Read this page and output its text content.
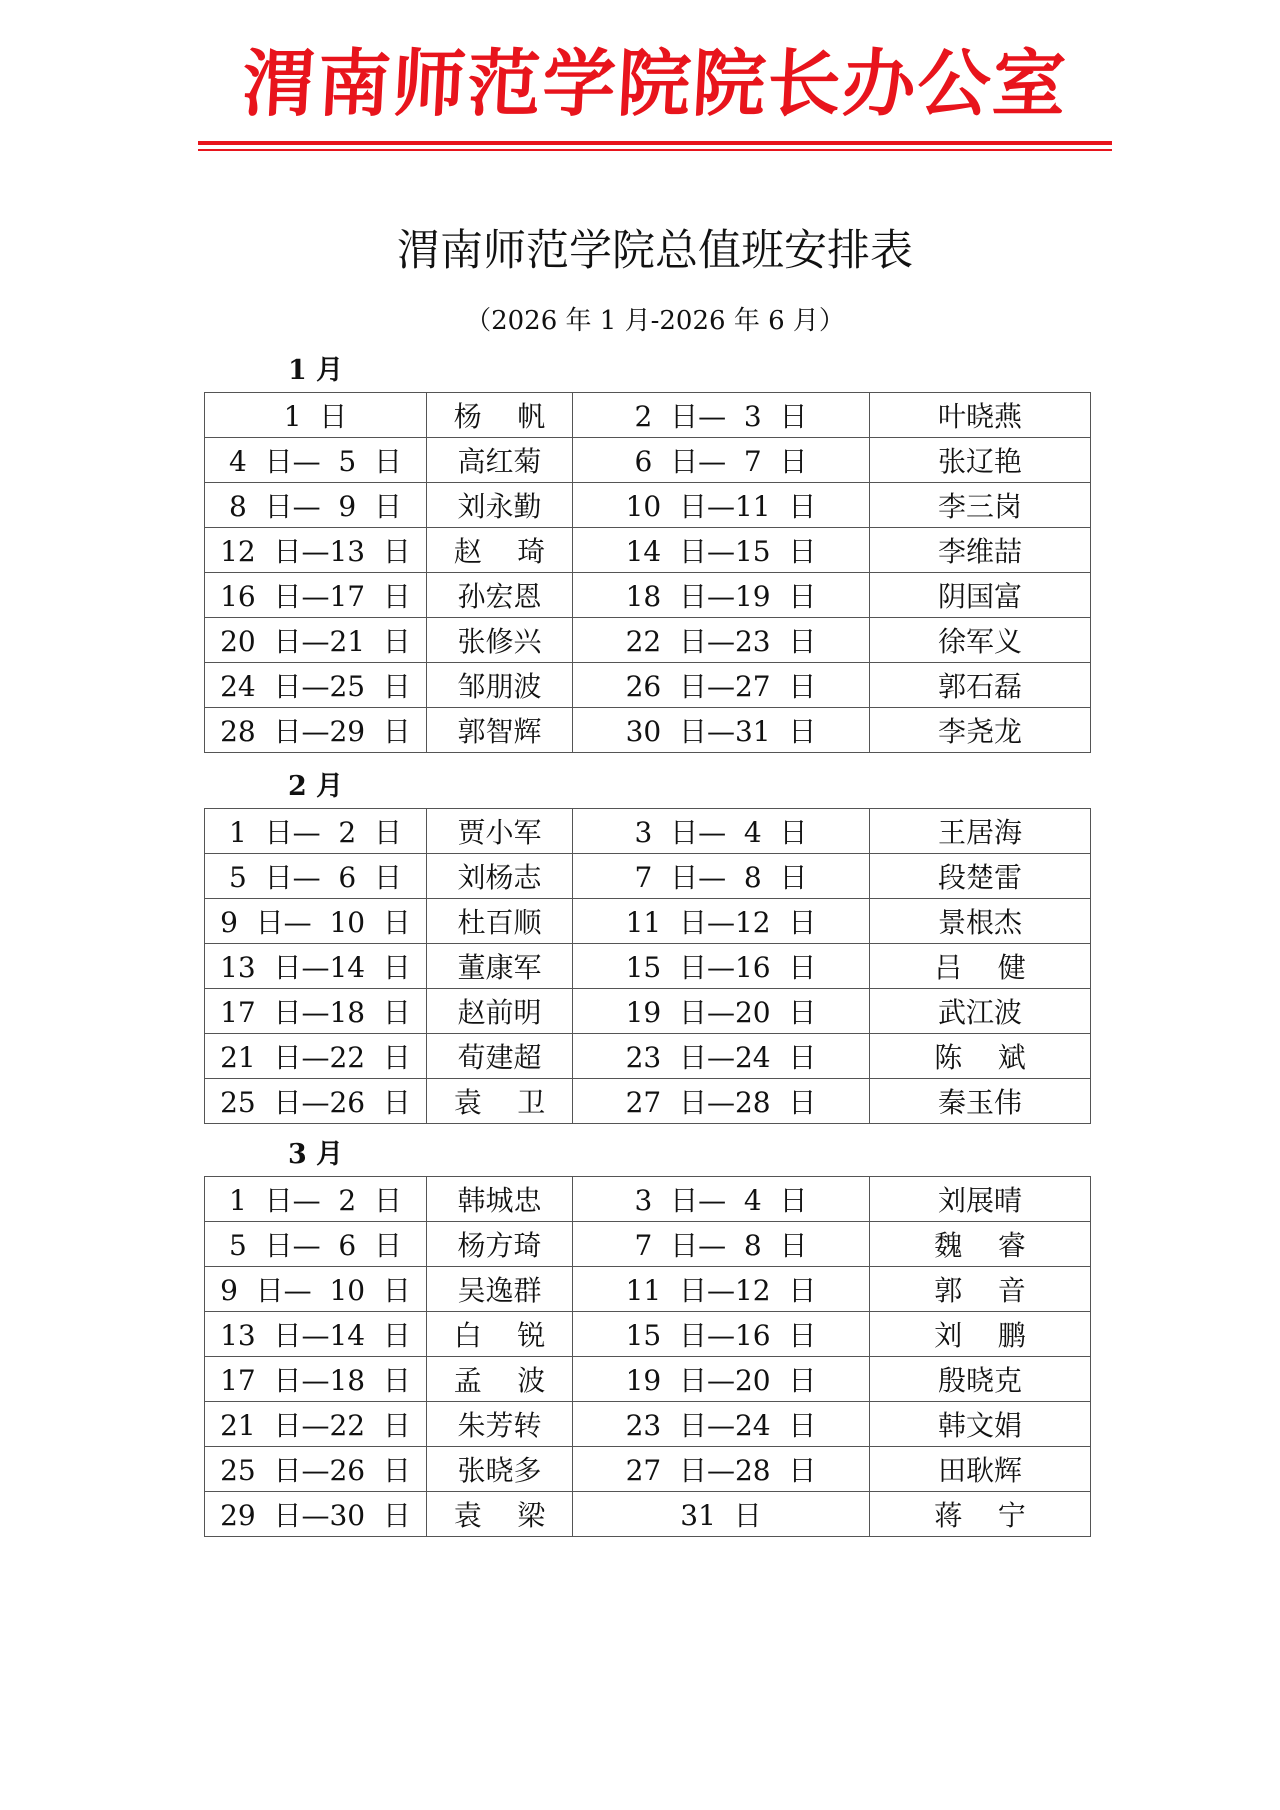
渭南师范学院院长办公室
渭南师范学院总值班安排表
（2026 年 1 月-2026 年 6 月）
1 月
1  日	杨    帆	2  日—  3  日	叶晓燕
4  日—  5  日	高红菊	6  日—  7  日	张辽艳
8  日—  9  日	刘永勤	10  日—11  日	李三岗
12  日—13  日	赵    琦	14  日—15  日	李维喆
16  日—17  日	孙宏恩	18  日—19  日	阴国富
20  日—21  日	张修兴	22  日—23  日	徐军义
24  日—25  日	邹朋波	26  日—27  日	郭石磊
28  日—29  日	郭智辉	30  日—31  日	李尧龙
2 月
1  日—  2  日	贾小军	3  日—  4  日	王居海
5  日—  6  日	刘杨志	7  日—  8  日	段楚雷
9  日—  10  日	杜百顺	11  日—12  日	景根杰
13  日—14  日	董康军	15  日—16  日	吕    健
17  日—18  日	赵前明	19  日—20  日	武江波
21  日—22  日	荀建超	23  日—24  日	陈    斌
25  日—26  日	袁    卫	27  日—28  日	秦玉伟
3 月
1  日—  2  日	韩城忠	3  日—  4  日	刘展晴
5  日—  6  日	杨方琦	7  日—  8  日	魏    睿
9  日—  10  日	吴逸群	11  日—12  日	郭    音
13  日—14  日	白    锐	15  日—16  日	刘    鹏
17  日—18  日	孟    波	19  日—20  日	殷晓克
21  日—22  日	朱芳转	23  日—24  日	韩文娟
25  日—26  日	张晓多	27  日—28  日	田耿辉
29  日—30  日	袁    梁	31  日	蒋    宁
